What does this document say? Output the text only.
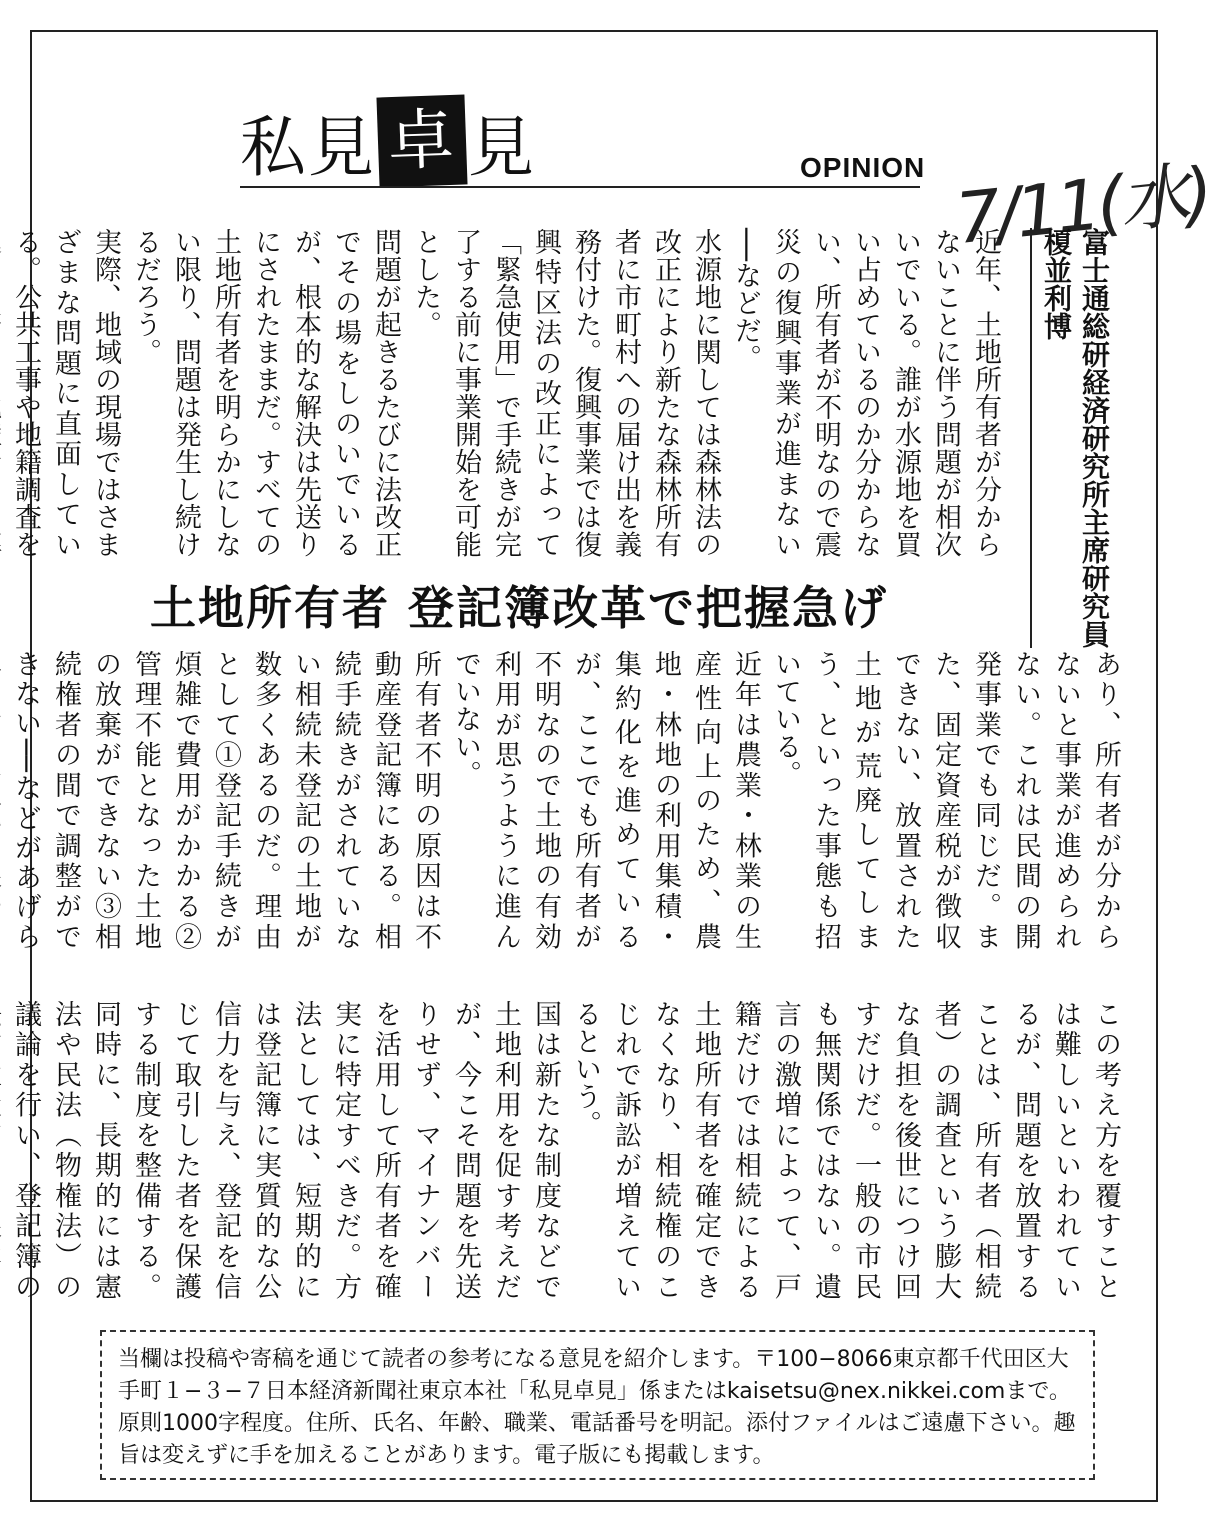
私見 卓 見	OPINION 7/11(水)
富士通総研経済研究所主席研究員
榎並利博
近年、土地所有者が分からないことに伴う問題が相次いでいる。誰が水源地を買い占めているのか分からない、所有者が不明なので震災の復興事業が進まない──などだ。
水源地に関しては森林法の改正により新たな森林所有者に市町村への届け出を義務付けた。復興事業では復興特区法の改正によって「緊急使用」で手続きが完了する前に事業開始を可能とした。
問題が起きるたびに法改正でその場をしのいでいるが、根本的な解決は先送りにされたままだ。すべての土地所有者を明らかにしない限り、問題は発生し続けるだろう。
実際、地域の現場ではさまざまな問題に直面している。公共工事や地籍調査を
土地所有者 登記簿改革で把握急げ
あり、所有者が分からないと事業が進められない。これは民間の開発事業でも同じだ。また、固定資産税が徴収できない、放置された土地が荒廃してしまう、といった事態も招いている。
近年は農業・林業の生産性向上のため、農地・林地の利用集積・集約化を進めているが、ここでも所有者が不明なので土地の有効利用が思うように進んでいない。
所有者不明の原因は不動産登記簿にある。相続手続きがされていない相続未登記の土地が数多くあるのだ。理由として①登記手続きが煩雑で費用がかかる②管理不能となった土地の放棄ができない③相続権者の間で調整ができない──などがあげら
この考え方を覆すことは難しいといわれているが、問題を放置することは、所有者（相続者）の調査という膨大な負担を後世につけ回すだけだ。一般の市民も無関係ではない。遺言の激増によって、戸籍だけでは相続による土地所有者を確定できなくなり、相続権のこじれで訴訟が増えているという。
国は新たな制度などで土地利用を促す考えだが、今こそ問題を先送りせず、マイナンバーを活用して所有者を確実に特定すべきだ。方法としては、短期的には登記簿に実質的な公信力を与え、登記を信じて取引した者を保護する制度を整備する。同時に、長期的には憲法や民法（物権法）の議論を行い、登記簿の
当欄は投稿や寄稿を通じて読者の参考になる意見を紹介します。〒100−8066東京都千代田区大手町１−３−７日本経済新聞社東京本社「私見卓見」係またはkaisetsu@nex.nikkei.comまで。原則1000字程度。住所、氏名、年齢、職業、電話番号を明記。添付ファイルはご遠慮下さい。趣旨は変えずに手を加えることがあります。電子版にも掲載します。
